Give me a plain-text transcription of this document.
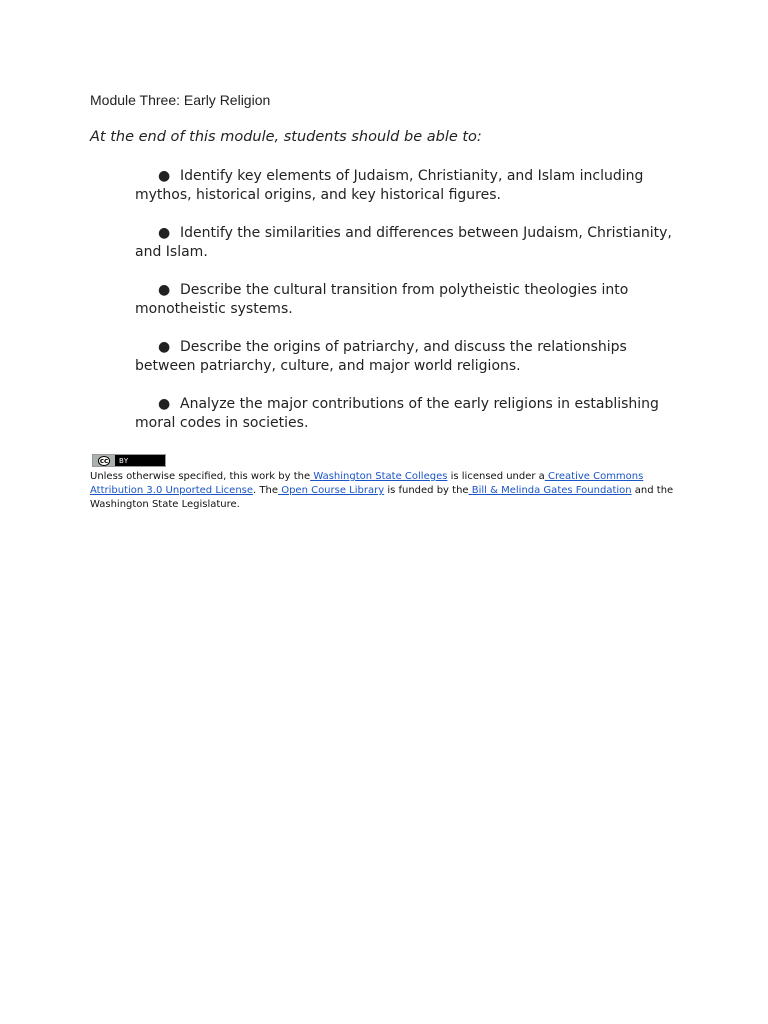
Module Three: Early Religion
At the end of this module, students should be able to:
● Identify key elements of Judaism, Christianity, and Islam including mythos, historical origins, and key historical figures.
● Identify the similarities and differences between Judaism, Christianity, and Islam.
● Describe the cultural transition from polytheistic theologies into monotheistic systems.
● Describe the origins of patriarchy, and discuss the relationships between patriarchy, culture, and major world religions.
● Analyze the major contributions of the early religions in establishing moral codes in societies.
cc	BY
Unless otherwise specified, this work by the Washington State Colleges is licensed under a Creative Commons Attribution 3.0 Unported License. The Open Course Library is funded by the Bill & Melinda Gates Foundation and the Washington State Legislature.
